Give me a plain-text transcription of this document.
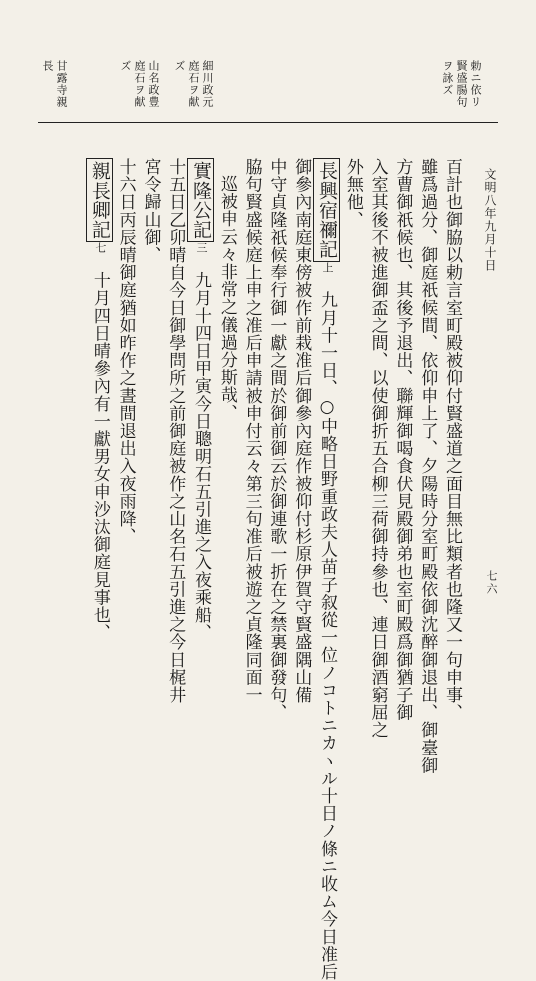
勅ニ依リ
賢盛腸句
ヲ詠ズ
細川政元
庭石ヲ献
ズ
山名政豊
庭石ヲ献
ズ
甘露寺親
長
文明八年九月十日
七六
百計也御脇以勅言室町殿被仰付賢盛道之面目無比類者也隆又一句申事、
雖爲過分、御庭祇候間、依仰申上了、夕陽時分室町殿依御沈醉御退出、御臺御
方曹御祇候也、其後予退出、聯輝御喝食伏見殿御弟也室町殿爲御猶子御
入室其後不被進御盃之間、以使御折五合柳三荷御持參也、連日御酒窮屈之
外無他、
長興宿禰記上　九月十一日、○中略日野重政夫人苗子叙從一位ノコトニカヽル十日ノ條ニ收ム今日准后
御參內南庭東傍被作前栽准后御參內庭作被仰付杉原伊賀守賢盛隅山備
中守貞隆祇候奉行御一獻之間於御前御云於御連歌一折在之禁裏御發句、
脇句賢盛候庭上申之准后申請被申付云々第三句准后被遊之貞隆同面一
巡被申云々非常之儀過分斯哉、
實隆公記三　九月十四日甲寅今日聰明石五引進之入夜乘船、
十五日乙卯晴自今日御學問所之前御庭被作之山名石五引進之今日梶井
宮令歸山御、
十六日丙辰晴御庭猶如昨作之晝間退出入夜雨降、
親長卿記七　十月四日晴參內有一獻男女申沙汰御庭見事也、
